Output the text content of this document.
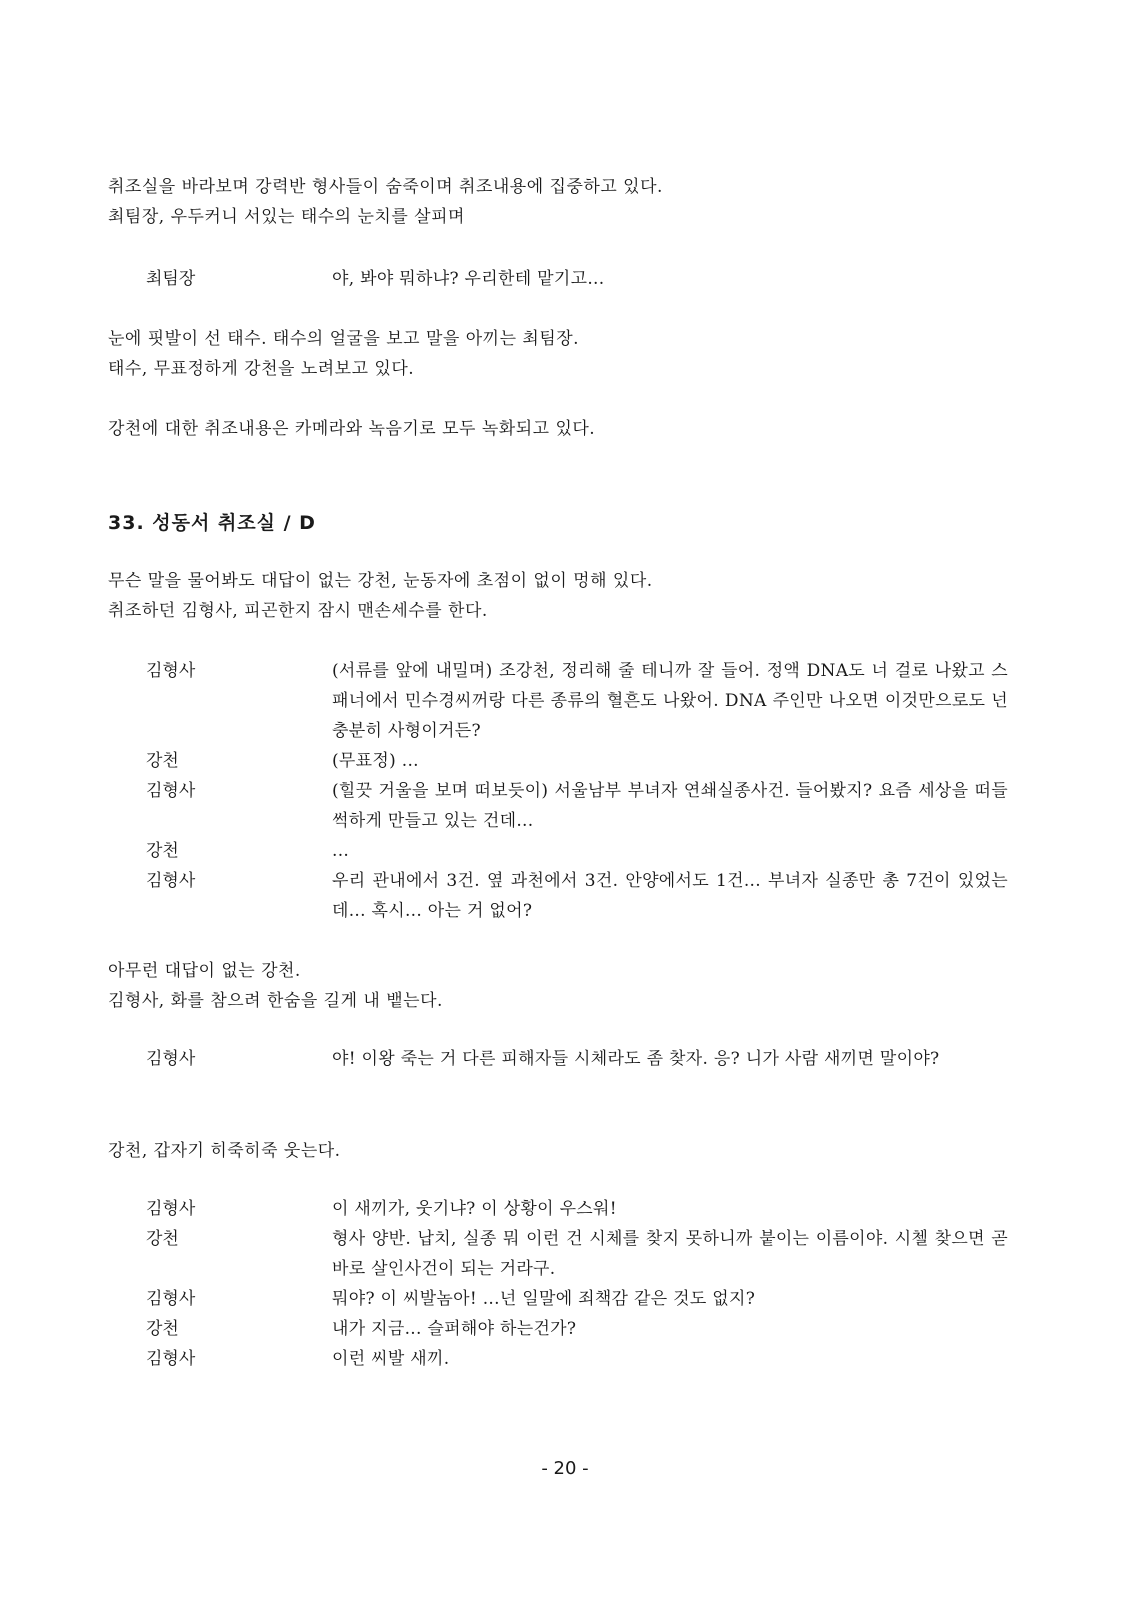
취조실을 바라보며 강력반 형사들이 숨죽이며 취조내용에 집중하고 있다.
최팀장, 우두커니 서있는 태수의 눈치를 살피며
최팀장	야, 봐야 뭐하냐? 우리한테 맡기고...
눈에 핏발이 선 태수. 태수의 얼굴을 보고 말을 아끼는 최팀장.
태수, 무표정하게 강천을 노려보고 있다.
강천에 대한 취조내용은 카메라와 녹음기로 모두 녹화되고 있다.
33. 성동서 취조실 / D
무슨 말을 물어봐도 대답이 없는 강천, 눈동자에 초점이 없이 멍해 있다.
취조하던 김형사, 피곤한지 잠시 맨손세수를 한다.
김형사	(서류를 앞에 내밀며) 조강천, 정리해 줄 테니까 잘 들어. 정액 DNA도 너 걸로 나왔고 스패너에서 민수경씨꺼랑 다른 종류의 혈흔도 나왔어. DNA 주인만 나오면 이것만으로도 넌 충분히 사형이거든?
강천	(무표정) ...
김형사	(힐끗 거울을 보며 떠보듯이) 서울남부 부녀자 연쇄실종사건. 들어봤지? 요즘 세상을 떠들썩하게 만들고 있는 건데...
강천	...
김형사	우리 관내에서 3건. 옆 과천에서 3건. 안양에서도 1건... 부녀자 실종만 총 7건이 있었는데... 혹시... 아는 거 없어?
아무런 대답이 없는 강천.
김형사, 화를 참으려 한숨을 길게 내 뱉는다.
김형사	야! 이왕 죽는 거 다른 피해자들 시체라도 좀 찾자. 응? 니가 사람 새끼면 말이야?
강천, 갑자기 히죽히죽 웃는다.
김형사	이 새끼가, 웃기냐? 이 상황이 우스워!
강천	형사 양반. 납치, 실종 뭐 이런 건 시체를 찾지 못하니까 붙이는 이름이야. 시첼 찾으면 곧바로 살인사건이 되는 거라구.
김형사	뭐야? 이 씨발놈아! ...넌 일말에 죄책감 같은 것도 없지?
강천	내가 지금... 슬퍼해야 하는건가?
김형사	이런 씨발 새끼.
- 20 -
